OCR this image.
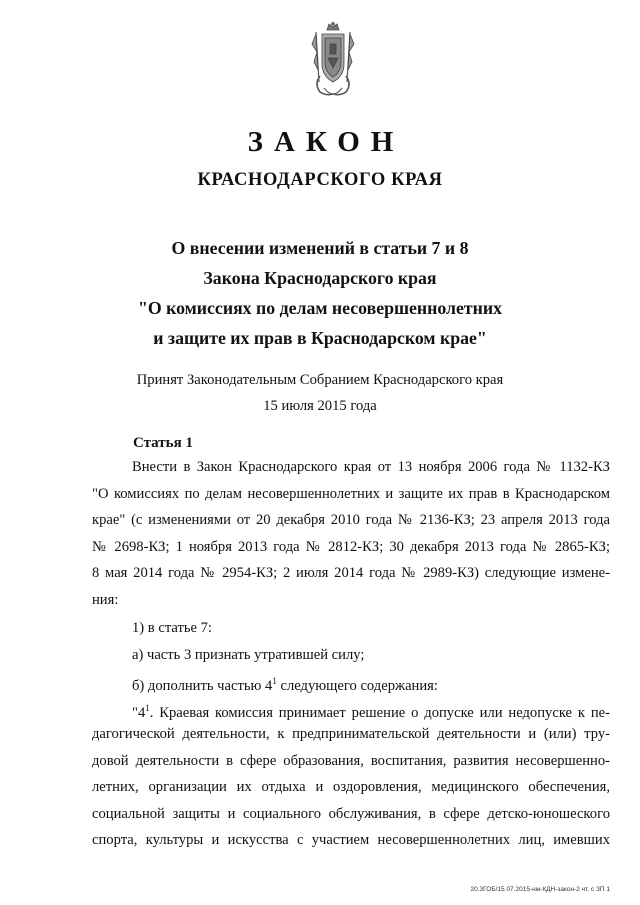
ЗАКОН
КРАСНОДАРСКОГО КРАЯ
О внесении изменений в статьи 7 и 8
Закона Краснодарского края
"О комиссиях по делам несовершеннолетних
и защите их прав в Краснодарском крае"
Принят Законодательным Собранием Краснодарского края
15 июля 2015 года
Статья 1
Внести в Закон Краснодарского края от 13 ноября 2006 года № 1132-КЗ
"О комиссиях по делам несовершеннолетних и защите их прав в Краснодарском
крае" (с изменениями от 20 декабря 2010 года № 2136-КЗ; 23 апреля 2013 года
№ 2698-КЗ; 1 ноября 2013 года № 2812-КЗ; 30 декабря 2013 года № 2865-КЗ;
8 мая 2014 года № 2954-КЗ; 2 июля 2014 года № 2989-КЗ) следующие измене-
ния:
1) в статье 7:
а) часть 3 признать утратившей силу;
б) дополнить частью $4^1$ следующего содержания:
"$4^1$. Краевая комиссия принимает решение о допуске или недопуске к пе-
дагогической деятельности, к предпринимательской деятельности и (или) тру-
довой деятельности в сфере образования, воспитания, развития несовершенно-
летних, организации их отдыха и оздоровления, медицинского обеспечения,
социальной защиты и социального обслуживания, в сфере детско-юношеского
спорта, культуры и искусства с участием несовершеннолетних лиц, имевших
20.3ГОБ/15.07.2015-нм-КДН-закон-2 чт. с ЗП 1
